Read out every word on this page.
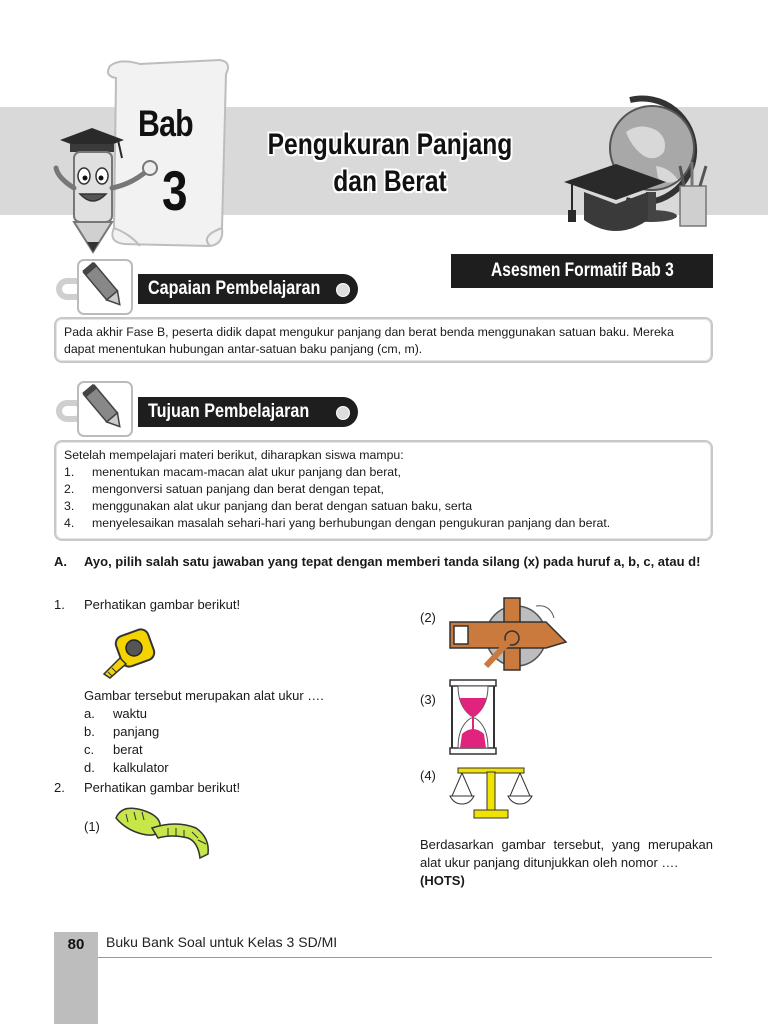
Bab
3
Pengukuran Panjang
dan Berat
Asesmen Formatif Bab 3
Capaian Pembelajaran
Pada akhir Fase B, peserta didik dapat mengukur panjang dan berat benda menggunakan satuan baku. Mereka dapat menentukan hubungan antar-satuan baku panjang (cm, m).
Tujuan Pembelajaran
Setelah mempelajari materi berikut, diharapkan siswa mampu:
1. menentukan macam-macan alat ukur panjang dan berat,
2. mengonversi satuan panjang dan berat dengan tepat,
3. menggunakan alat ukur panjang dan berat dengan satuan baku, serta
4. menyelesaikan masalah sehari-hari yang berhubungan dengan pengukuran panjang dan berat.
A. Ayo, pilih salah satu jawaban yang tepat dengan memberi tanda silang (x) pada huruf a, b, c, atau d!
1. Perhatikan gambar berikut!
Gambar tersebut merupakan alat ukur ….
a. waktu
b. panjang
c. berat
d. kalkulator
2. Perhatikan gambar berikut!
(1)
(2)
(3)
(4)
Berdasarkan gambar tersebut, yang merupakan alat ukur panjang ditunjukkan oleh nomor ….
(HOTS)
80	Buku Bank Soal untuk Kelas 3 SD/MI
